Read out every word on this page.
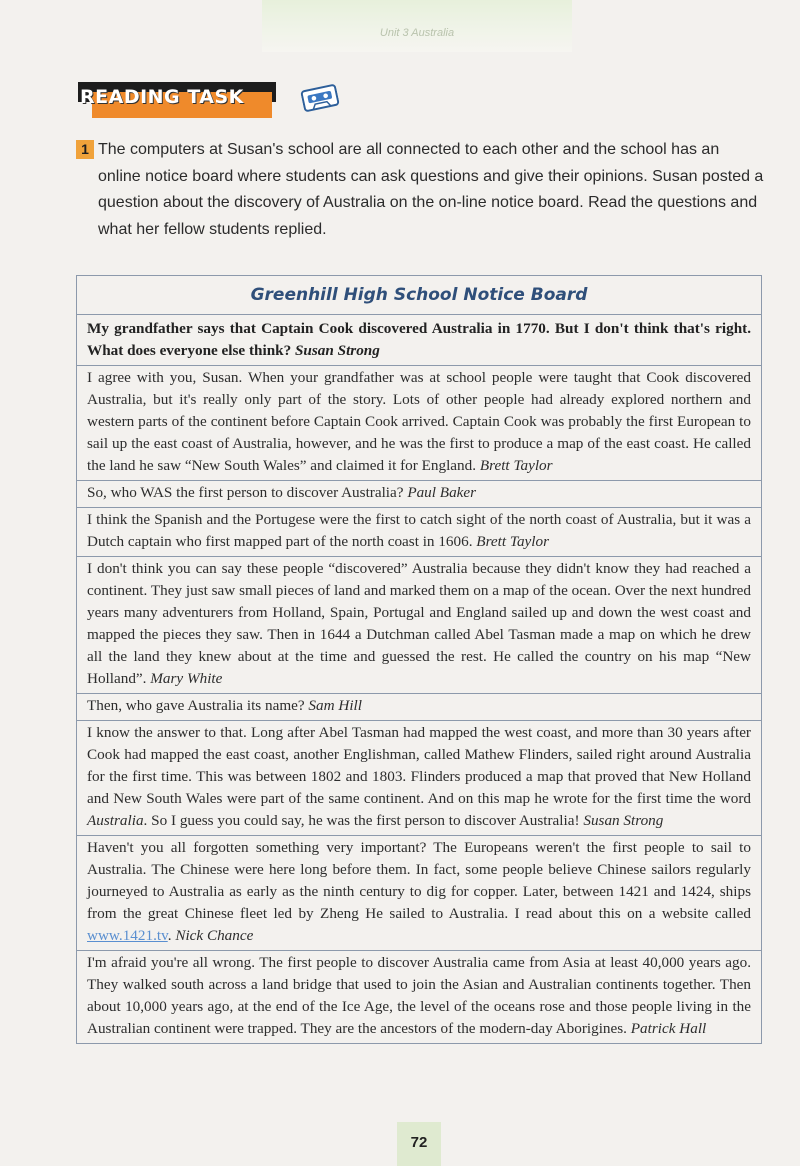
Unit 3 Australia
READING TASK
1 The computers at Susan's school are all connected to each other and the school has an online notice board where students can ask questions and give their opinions. Susan posted a question about the discovery of Australia on the on-line notice board. Read the questions and what her fellow students replied.
Greenhill High School Notice Board
My grandfather says that Captain Cook discovered Australia in 1770. But I don't think that's right. What does everyone else think? Susan Strong
I agree with you, Susan. When your grandfather was at school people were taught that Cook discovered Australia, but it's really only part of the story. Lots of other people had already explored northern and western parts of the continent before Captain Cook arrived. Captain Cook was probably the first European to sail up the east coast of Australia, however, and he was the first to produce a map of the east coast. He called the land he saw “New South Wales” and claimed it for England. Brett Taylor
So, who WAS the first person to discover Australia? Paul Baker
I think the Spanish and the Portugese were the first to catch sight of the north coast of Australia, but it was a Dutch captain who first mapped part of the north coast in 1606. Brett Taylor
I don't think you can say these people “discovered” Australia because they didn't know they had reached a continent. They just saw small pieces of land and marked them on a map of the ocean. Over the next hundred years many adventurers from Holland, Spain, Portugal and England sailed up and down the west coast and mapped the pieces they saw. Then in 1644 a Dutchman called Abel Tasman made a map on which he drew all the land they knew about at the time and guessed the rest. He called the country on his map “New Holland”. Mary White
Then, who gave Australia its name? Sam Hill
I know the answer to that. Long after Abel Tasman had mapped the west coast, and more than 30 years after Cook had mapped the east coast, another Englishman, called Mathew Flinders, sailed right around Australia for the first time. This was between 1802 and 1803. Flinders produced a map that proved that New Holland and New South Wales were part of the same continent. And on this map he wrote for the first time the word Australia. So I guess you could say, he was the first person to discover Australia! Susan Strong
Haven't you all forgotten something very important? The Europeans weren't the first people to sail to Australia. The Chinese were here long before them. In fact, some people believe Chinese sailors regularly journeyed to Australia as early as the ninth century to dig for copper. Later, between 1421 and 1424, ships from the great Chinese fleet led by Zheng He sailed to Australia. I read about this on a website called www.1421.tv. Nick Chance
I'm afraid you're all wrong. The first people to discover Australia came from Asia at least 40,000 years ago. They walked south across a land bridge that used to join the Asian and Australian continents together. Then about 10,000 years ago, at the end of the Ice Age, the level of the oceans rose and those people living in the Australian continent were trapped. They are the ancestors of the modern-day Aborigines. Patrick Hall
72
